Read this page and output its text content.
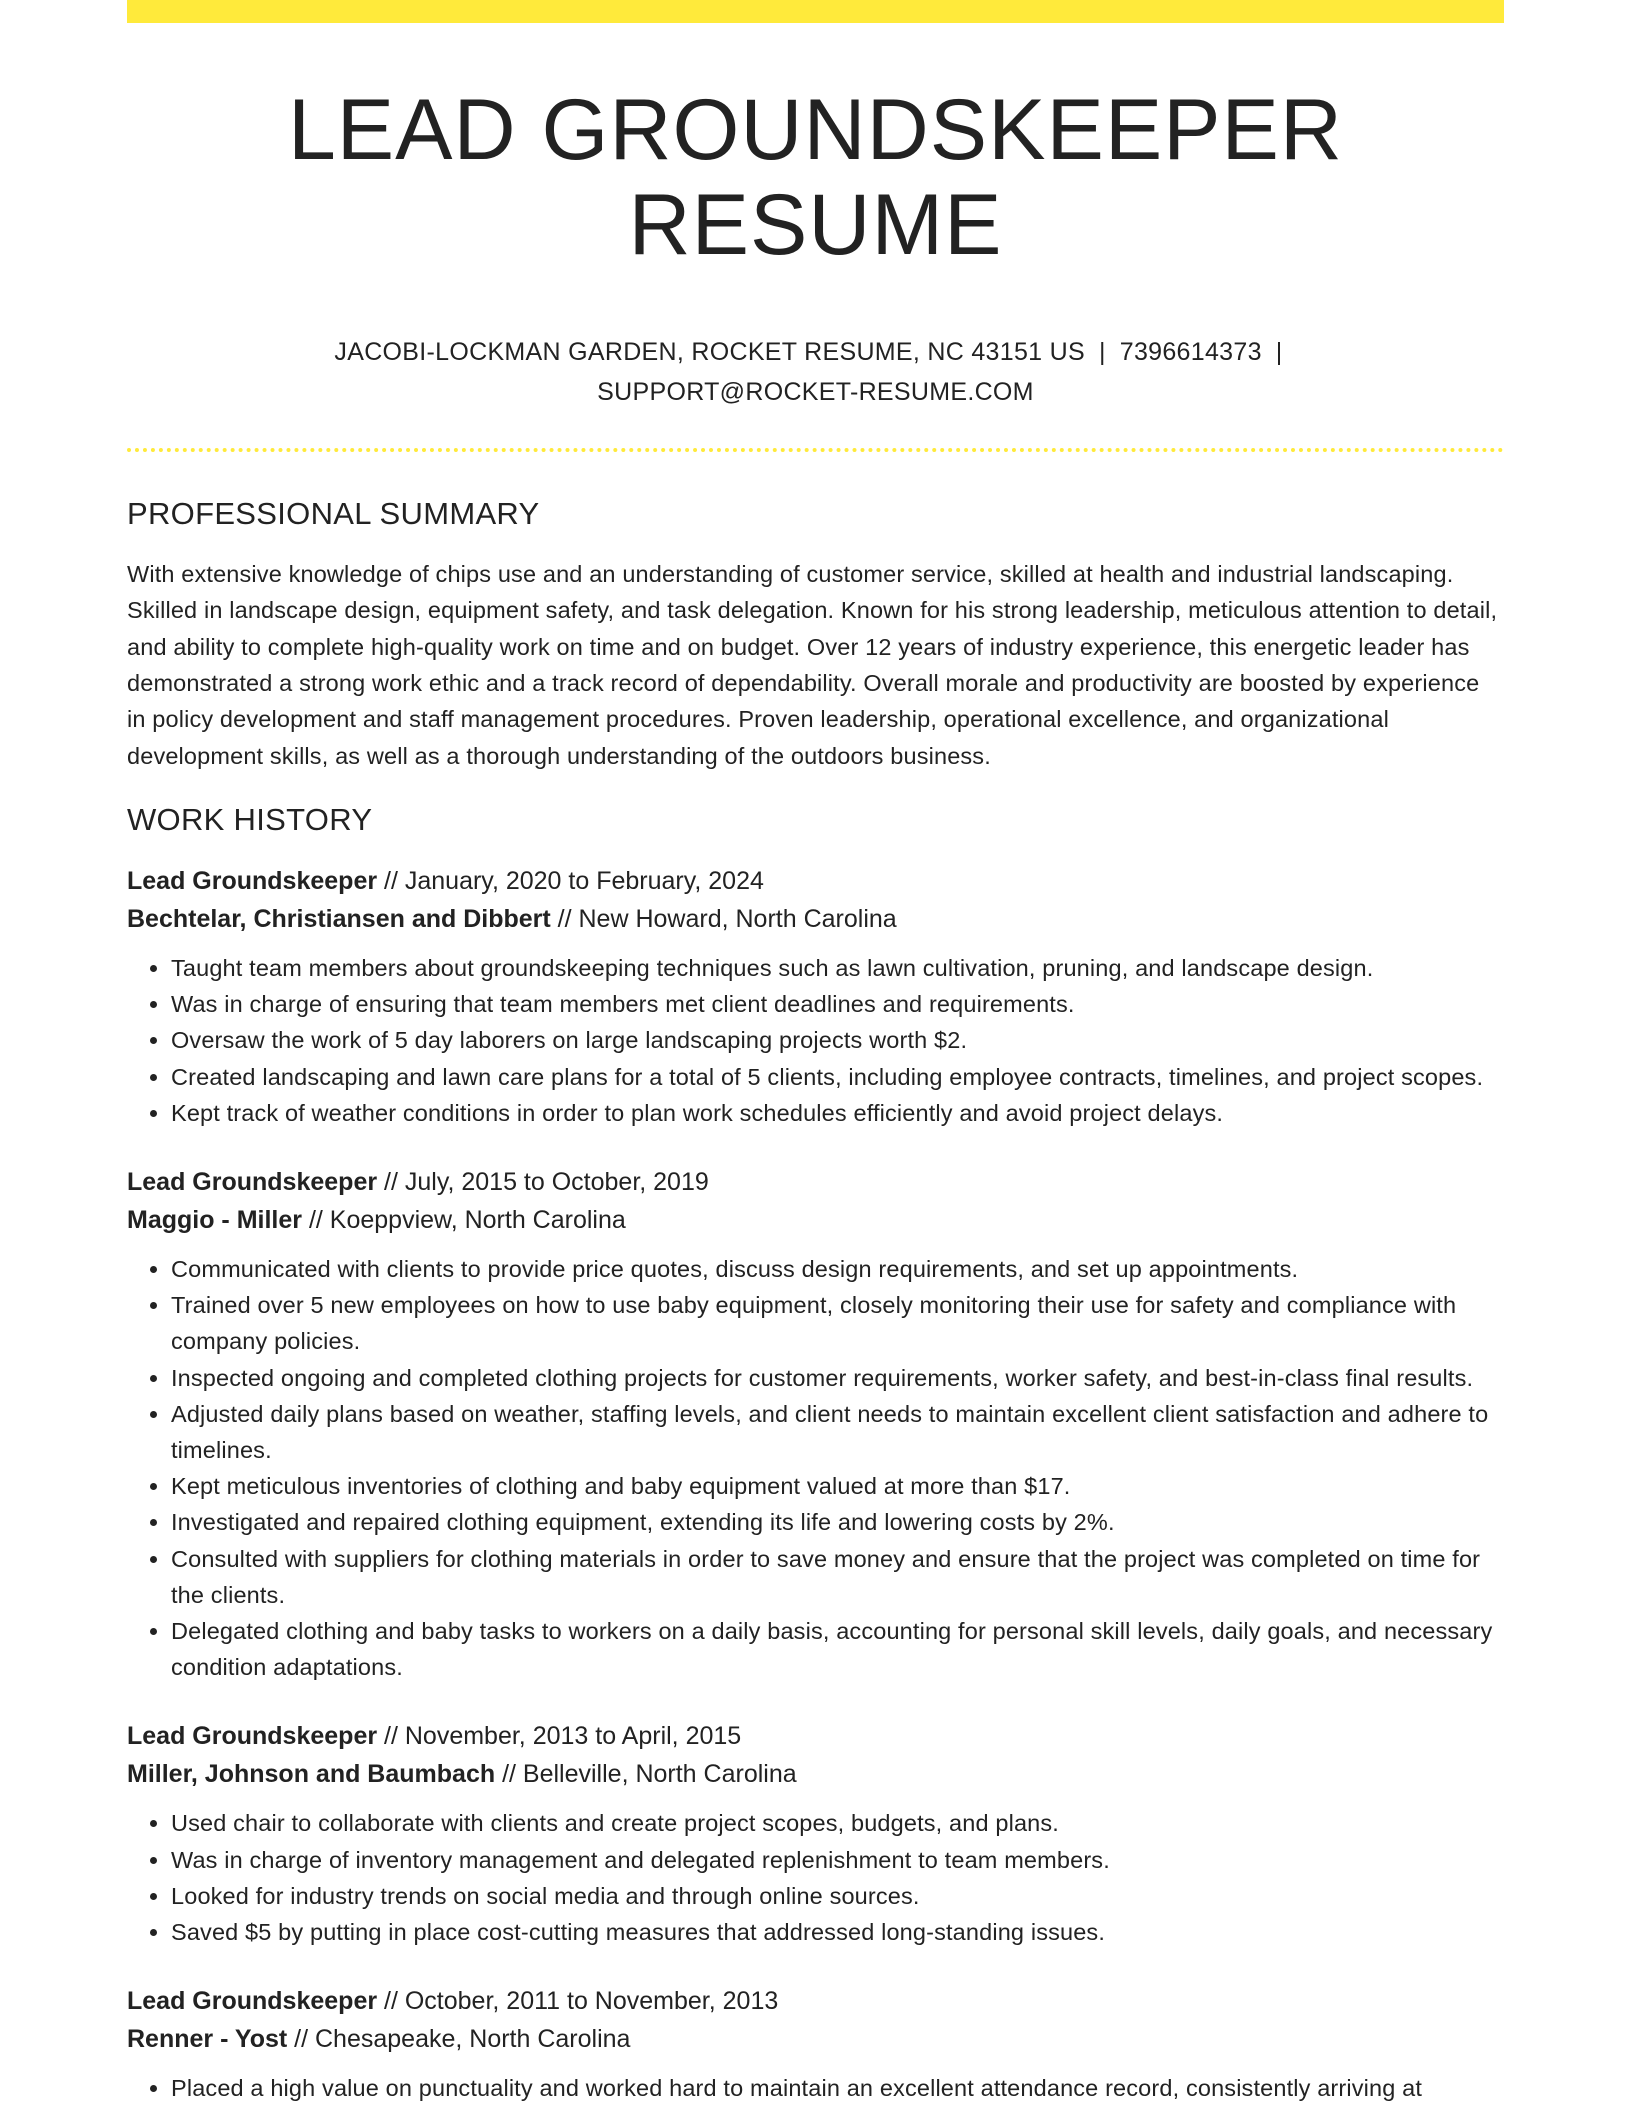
LEAD GROUNDSKEEPER RESUME
JACOBI-LOCKMAN GARDEN, ROCKET RESUME, NC 43151 US | 7396614373 |
SUPPORT@ROCKET-RESUME.COM
PROFESSIONAL SUMMARY

With extensive knowledge of chips use and an understanding of customer service, skilled at health and industrial landscaping. Skilled in landscape design, equipment safety, and task delegation. Known for his strong leadership, meticulous attention to detail, and ability to complete high-quality work on time and on budget. Over 12 years of industry experience, this energetic leader has demonstrated a strong work ethic and a track record of dependability. Overall morale and productivity are boosted by experience in policy development and staff management procedures. Proven leadership, operational excellence, and organizational development skills, as well as a thorough understanding of the outdoors business.

WORK HISTORY
Lead Groundskeeper // January, 2020 to February, 2024
Bechtelar, Christiansen and Dibbert // New Howard, North Carolina
• Taught team members about groundskeeping techniques such as lawn cultivation, pruning, and landscape design.
• Was in charge of ensuring that team members met client deadlines and requirements.
• Oversaw the work of 5 day laborers on large landscaping projects worth $2.
• Created landscaping and lawn care plans for a total of 5 clients, including employee contracts, timelines, and project scopes.
• Kept track of weather conditions in order to plan work schedules efficiently and avoid project delays.
Lead Groundskeeper // July, 2015 to October, 2019
Maggio - Miller // Koeppview, North Carolina
• Communicated with clients to provide price quotes, discuss design requirements, and set up appointments.
• Trained over 5 new employees on how to use baby equipment, closely monitoring their use for safety and compliance with company policies.
• Inspected ongoing and completed clothing projects for customer requirements, worker safety, and best-in-class final results.
• Adjusted daily plans based on weather, staffing levels, and client needs to maintain excellent client satisfaction and adhere to timelines.
• Kept meticulous inventories of clothing and baby equipment valued at more than $17.
• Investigated and repaired clothing equipment, extending its life and lowering costs by 2%.
• Consulted with suppliers for clothing materials in order to save money and ensure that the project was completed on time for the clients.
• Delegated clothing and baby tasks to workers on a daily basis, accounting for personal skill levels, daily goals, and necessary condition adaptations.
Lead Groundskeeper // November, 2013 to April, 2015
Miller, Johnson and Baumbach // Belleville, North Carolina
• Used chair to collaborate with clients and create project scopes, budgets, and plans.
• Was in charge of inventory management and delegated replenishment to team members.
• Looked for industry trends on social media and through online sources.
• Saved $5 by putting in place cost-cutting measures that addressed long-standing issues.
Lead Groundskeeper // October, 2011 to November, 2013
Renner - Yost // Chesapeake, North Carolina
• Placed a high value on punctuality and worked hard to maintain an excellent attendance record, consistently arriving at
